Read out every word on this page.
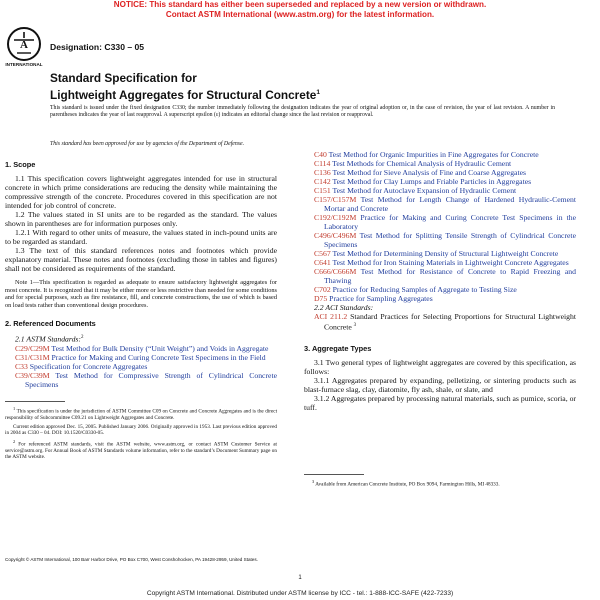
NOTICE: This standard has either been superseded and replaced by a new version or withdrawn.
Contact ASTM International (www.astm.org) for the latest information.
A
INTERNATIONAL
Designation: C330 – 05
Standard Specification for
Lightweight Aggregates for Structural Concrete$^1$
This standard is issued under the fixed designation C330; the number immediately following the designation indicates the year of original adoption or, in the case of revision, the year of last revision. A number in parentheses indicates the year of last reapproval. A superscript epsilon (ε) indicates an editorial change since the last revision or reapproval.
This standard has been approved for use by agencies of the Department of Defense.
1. Scope
1.1 This specification covers lightweight aggregates intended for use in structural concrete in which prime considerations are reducing the density while maintaining the compressive strength of the concrete. Procedures covered in this specification are not intended for job control of concrete.
1.2 The values stated in SI units are to be regarded as the standard. The values shown in parentheses are for information purposes only.
1.2.1 With regard to other units of measure, the values stated in inch-pound units are to be regarded as standard.
1.3 The text of this standard references notes and footnotes which provide explanatory material. These notes and footnotes (excluding those in tables and figures) shall not be considered as requirements of the standard.
Note 1—This specification is regarded as adequate to ensure satisfactory lightweight aggregates for most concrete. It is recognized that it may be either more or less restrictive than needed for some conditions and for special purposes, such as fire resistance, fill, and concrete constructions, the use of which is based on load tests rather than conventional design procedures.
2. Referenced Documents
2.1 ASTM Standards:$^2$
C29/C29M Test Method for Bulk Density (“Unit Weight”) and Voids in Aggregate
C31/C31M Practice for Making and Curing Concrete Test Specimens in the Field
C33 Specification for Concrete Aggregates
C39/C39M Test Method for Compressive Strength of Cylindrical Concrete Specimens
$^1$ This specification is under the jurisdiction of ASTM Committee C09 on Concrete and Concrete Aggregates and is the direct responsibility of Subcommittee C09.21 on Lightweight Aggregates and Concrete.
Current edition approved Dec. 15, 2005. Published January 2006. Originally approved in 1953. Last previous edition approved in 2004 as C330 – 04. DOI: 10.1520/C0330-05.
$^2$ For referenced ASTM standards, visit the ASTM website, www.astm.org, or contact ASTM Customer Service at service@astm.org. For Annual Book of ASTM Standards volume information, refer to the standard’s Document Summary page on the ASTM website.
C40 Test Method for Organic Impurities in Fine Aggregates for Concrete
C114 Test Methods for Chemical Analysis of Hydraulic Cement
C136 Test Method for Sieve Analysis of Fine and Coarse Aggregates
C142 Test Method for Clay Lumps and Friable Particles in Aggregates
C151 Test Method for Autoclave Expansion of Hydraulic Cement
C157/C157M Test Method for Length Change of Hardened Hydraulic-Cement Mortar and Concrete
C192/C192M Practice for Making and Curing Concrete Test Specimens in the Laboratory
C496/C496M Test Method for Splitting Tensile Strength of Cylindrical Concrete Specimens
C567 Test Method for Determining Density of Structural Lightweight Concrete
C641 Test Method for Iron Staining Materials in Lightweight Concrete Aggregates
C666/C666M Test Method for Resistance of Concrete to Rapid Freezing and Thawing
C702 Practice for Reducing Samples of Aggregate to Testing Size
D75 Practice for Sampling Aggregates
2.2 ACI Standards:
ACI 211.2 Standard Practices for Selecting Proportions for Structural Lightweight Concrete $^3$
3. Aggregate Types
3.1 Two general types of lightweight aggregates are covered by this specification, as follows:
3.1.1 Aggregates prepared by expanding, pelletizing, or sintering products such as blast-furnace slag, clay, diatomite, fly ash, shale, or slate, and
3.1.2 Aggregates prepared by processing natural materials, such as pumice, scoria, or tuff.
$^3$ Available from American Concrete Institute, PO Box 9094, Farmington Hills, MI 48333.
Copyright © ASTM International, 100 Barr Harbor Drive, PO Box C700, West Conshohocken, PA 19428-2959, United States.
1
Copyright ASTM International. Distributed under ASTM license by ICC - tel.: 1-888-ICC-SAFE (422-7233)
